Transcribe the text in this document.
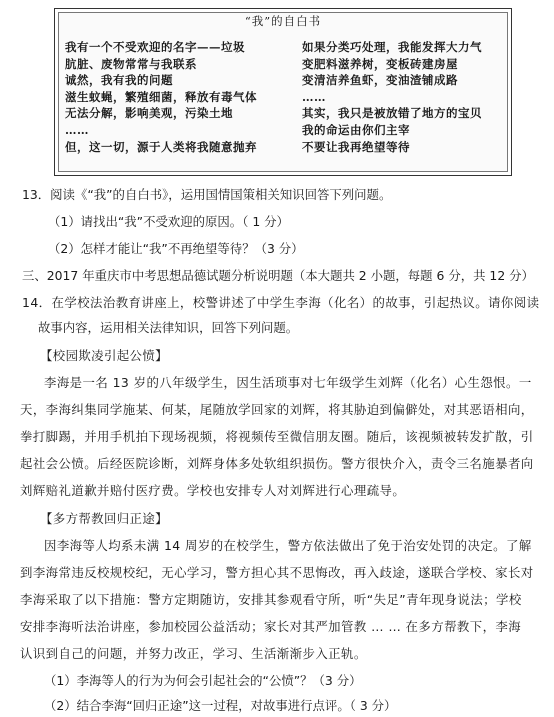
“我”的自白书
我有一个不受欢迎的名字——垃圾
肮脏、废物常常与我联系
诚然，我有我的问题
滋生蚊蝇，繁殖细菌，释放有毒气体
无法分解，影响美观，污染土地
……
但，这一切，源于人类将我随意抛弃
如果分类巧处理，我能发挥大力气
变肥料滋养树，变板砖建房屋
变清洁养鱼虾，变油渣铺成路
……
其实，我只是被放错了地方的宝贝
我的命运由你们主宰
不要让我再绝望等待
13．阅读《“我”的自白书》，运用国情国策相关知识回答下列问题。
（1）请找出“我”不受欢迎的原因。（ 1 分）
（2）怎样才能让“我”不再绝望等待？（3 分）
三、2017 年重庆市中考思想品德试题分析说明题（本大题共 2 小题，每题 6 分，共 12 分）
14．在学校法治教育讲座上，校警讲述了中学生李海（化名）的故事，引起热议。请你阅读
故事内容，运用相关法律知识，回答下列问题。
【校园欺凌引起公愤】
李海是一名 13 岁的八年级学生，因生活琐事对七年级学生刘辉（化名）心生怨恨。一
天，李海纠集同学施某、何某，尾随放学回家的刘辉，将其胁迫到偏僻处，对其恶语相向，
拳打脚踢，并用手机拍下现场视频，将视频传至微信朋友圈。随后，该视频被转发扩散，引
起社会公愤。后经医院诊断，刘辉身体多处软组织损伤。警方很快介入，责令三名施暴者向
刘辉赔礼道歉并赔付医疗费。学校也安排专人对刘辉进行心理疏导。
【多方帮教回归正途】
因李海等人均系未满 14 周岁的在校学生，警方依法做出了免于治安处罚的决定。了解
到李海常违反校规校纪，无心学习，警方担心其不思悔改，再入歧途，遂联合学校、家长对
李海采取了以下措施：警方定期随访，安排其参观看守所，听“失足”青年现身说法；学校
安排李海听法治讲座，参加校园公益活动；家长对其严加管教 … … 在多方帮教下，李海
认识到自己的问题，并努力改正，学习、生活渐渐步入正轨。
（1）李海等人的行为为何会引起社会的“公愤”？（3 分）
（2）结合李海“回归正途”这一过程，对故事进行点评。（ 3 分）
